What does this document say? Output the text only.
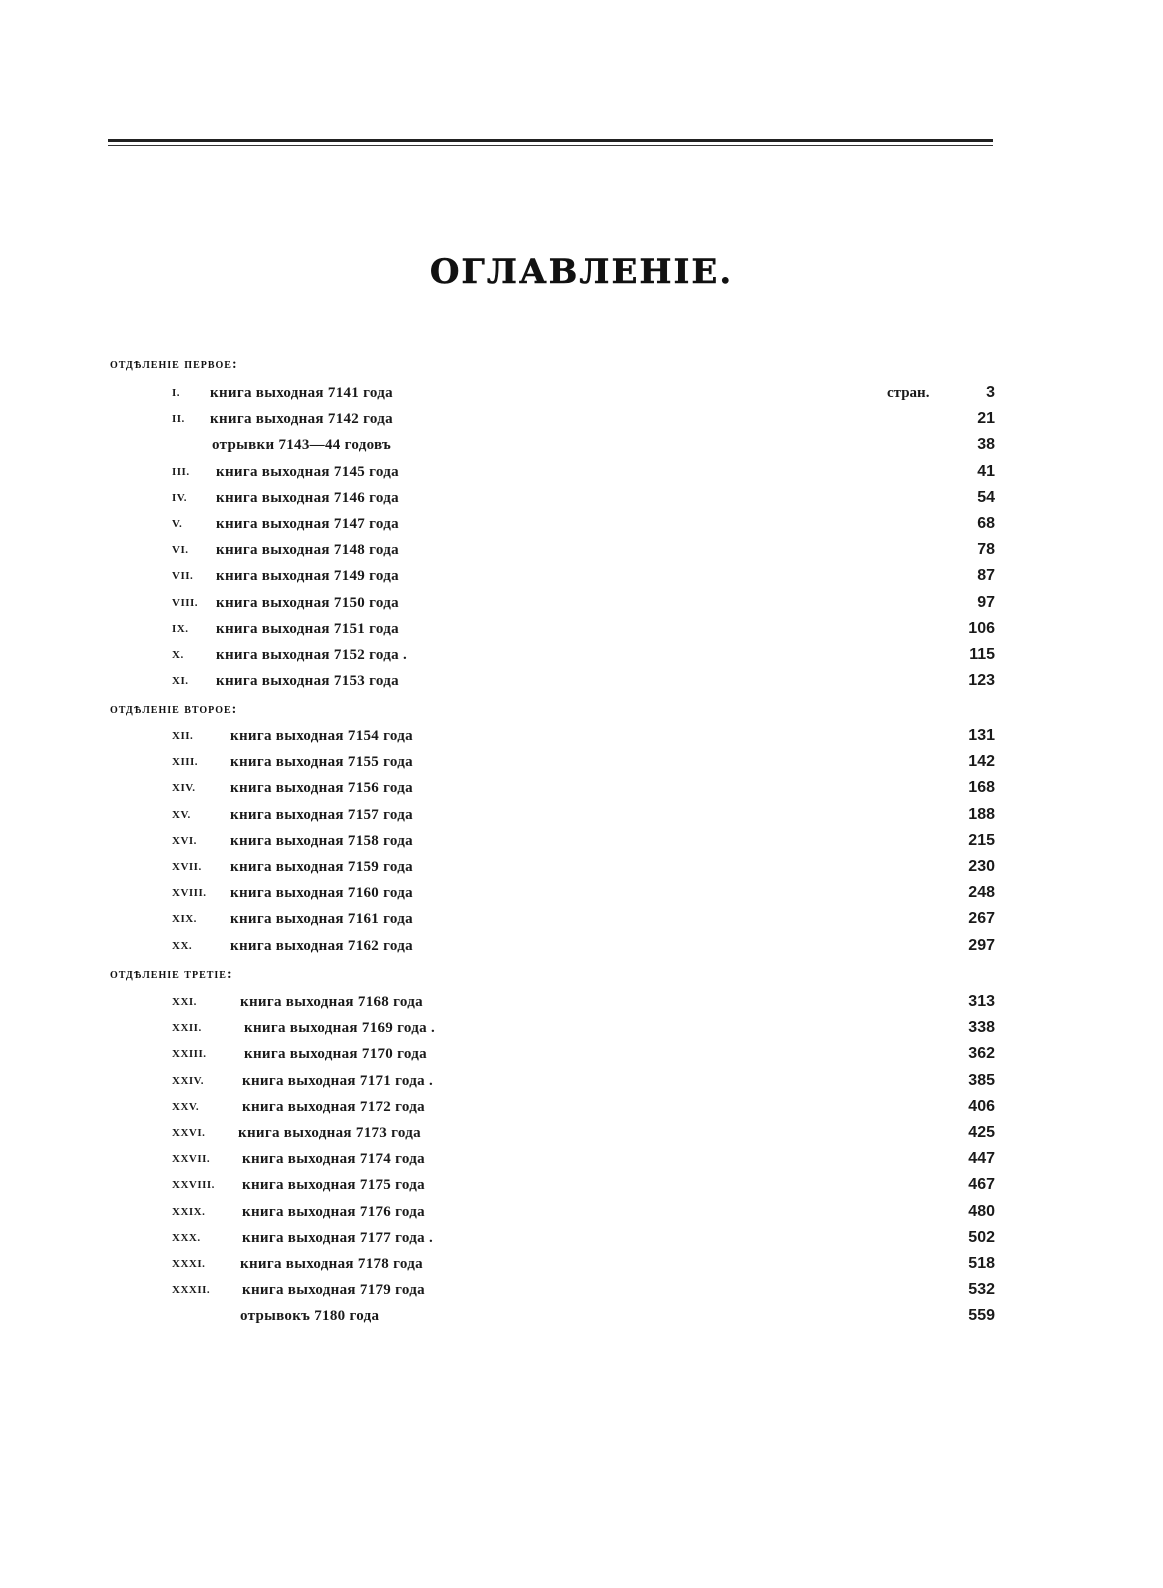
ОГЛАВЛЕНІЕ.
отдѣленіе первое:
I.	книга выходная 7141 года	стран.	3
II.	книга выходная 7142 года	21
отрывки 7143—44 годовъ	38
III.	книга выходная 7145 года	41
IV.	книга выходная 7146 года	54
V.	книга выходная 7147 года	68
VI.	книга выходная 7148 года	78
VII.	книга выходная 7149 года	87
VIII.	книга выходная 7150 года	97
IX.	книга выходная 7151 года	106
X.	книга выходная 7152 года .	115
XI.	книга выходная 7153 года	123
отдѣленіе второе:
XII.	книга выходная 7154 года	131
XIII.	книга выходная 7155 года	142
XIV.	книга выходная 7156 года	168
XV.	книга выходная 7157 года	188
XVI.	книга выходная 7158 года	215
XVII.	книга выходная 7159 года	230
XVIII.	книга выходная 7160 года	248
XIX.	книга выходная 7161 года	267
XX.	книга выходная 7162 года	297
отдѣленіе третіе:
XXI.	книга выходная 7168 года	313
XXII.	книга выходная 7169 года .	338
XXIII.	книга выходная 7170 года	362
XXIV.	книга выходная 7171 года .	385
XXV.	книга выходная 7172 года	406
XXVI.	книга выходная 7173 года	425
XXVII.	книга выходная 7174 года	447
XXVIII.	книга выходная 7175 года	467
XXIX.	книга выходная 7176 года	480
XXX.	книга выходная 7177 года .	502
XXXI.	книга выходная 7178 года	518
XXXII.	книга выходная 7179 года	532
отрывокъ 7180 года	559
